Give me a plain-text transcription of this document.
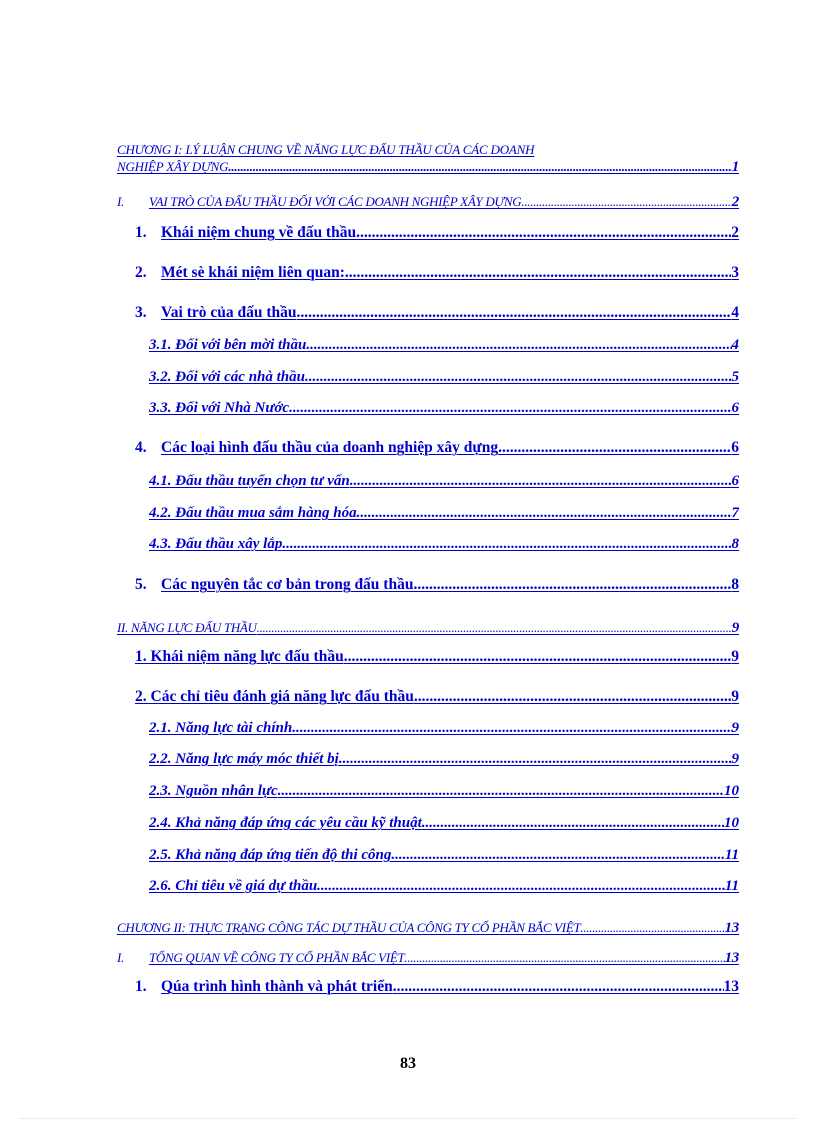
CHƯƠNG I: LÝ LUẬN CHUNG VỀ NĂNG LỰC ĐẤU THẦU CỦA CÁC DOANH
NGHIỆP XÂY DỰNG .....	1
I. VAI TRÒ CỦA ĐẤU THẦU ĐỐI VỚI CÁC DOANH NGHIỆP XÂY DỰNG .....	2
1. Khái niệm chung về đấu thầu .....	2
2. Mét sè khái niệm liên quan: .....	3
3. Vai trò của đấu thầu .....	4
3.1. Đối với bên mời thầu .....	4
3.2. Đối với các nhà thầu .....	5
3.3. Đối với Nhà Nước. .....	6
4. Các loại hình đấu thầu của doanh nghiệp xây dựng .....	6
4.1. Đấu thầu tuyển chọn tư vấn .....	6
4.2. Đấu thầu mua sắm hàng hóa. .....	7
4.3. Đấu thầu xây lắp .....	8
5. Các nguyên tắc cơ bản trong đấu thầu .....	8
II. NĂNG LỰC ĐẤU THẦU .....	9
1. Khái niệm năng lực đấu thầu .....	9
2. Các chỉ tiêu đánh giá năng lực đấu thầu .....	9
2.1. Năng lực tài chính .....	9
2.2. Năng lực máy móc thiết bị .....	9
2.3. Nguồn nhân lực .....	10
2.4. Khả năng đáp ứng các yêu cầu kỹ thuật .....	10
2.5. Khả năng đáp ứng tiến độ thi công .....	11
2.6. Chỉ tiêu về giá dự thầu .....	11
CHƯƠNG II: THỰC TRẠNG CÔNG TÁC DỰ THẦU CỦA CÔNG TY CỔ PHẦN BẮC VIỆT .....	13
I. TỔNG QUAN VỀ CÔNG TY CỔ PHẦN BẮC VIỆT .....	13
1. Qúa trình hình thành và phát triển .....	13
83
